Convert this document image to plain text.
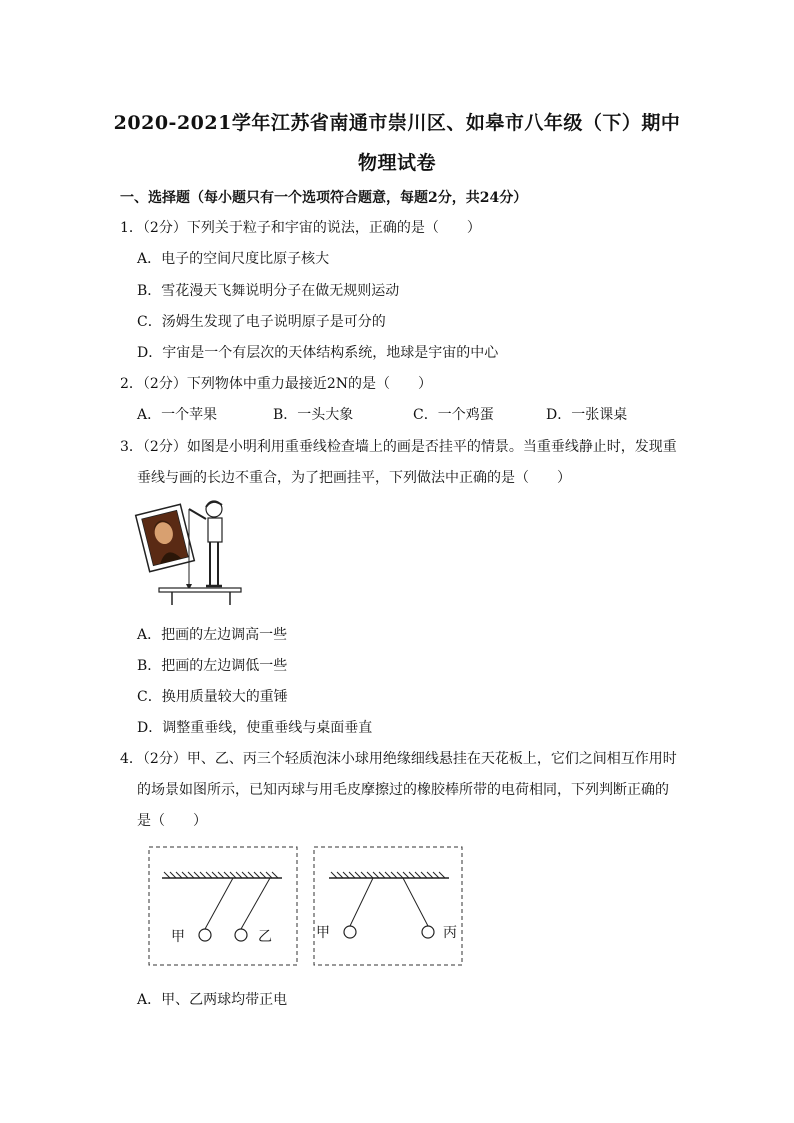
2020-2021学年江苏省南通市崇川区、如皋市八年级（下）期中
物理试卷
一、选择题（每小题只有一个选项符合题意，每题2分，共24分）
1．（2分）下列关于粒子和宇宙的说法，正确的是（　　）
A．电子的空间尺度比原子核大
B．雪花漫天飞舞说明分子在做无规则运动
C．汤姆生发现了电子说明原子是可分的
D．宇宙是一个有层次的天体结构系统，地球是宇宙的中心
2．（2分）下列物体中重力最接近2N的是（　　）
A．一个苹果	B．一头大象	C．一个鸡蛋	D．一张课桌
3．（2分）如图是小明利用重垂线检查墙上的画是否挂平的情景。当重垂线静止时，发现重
垂线与画的长边不重合，为了把画挂平，下列做法中正确的是（　　）
A．把画的左边调高一些
B．把画的左边调低一些
C．换用质量较大的重锤
D．调整重垂线，使重垂线与桌面垂直
4．（2分）甲、乙、丙三个轻质泡沫小球用绝缘细线悬挂在天花板上，它们之间相互作用时
的场景如图所示，已知丙球与用毛皮摩擦过的橡胶棒所带的电荷相同，下列判断正确的
是（　　）
甲	乙	甲	丙
A．甲、乙两球均带正电
